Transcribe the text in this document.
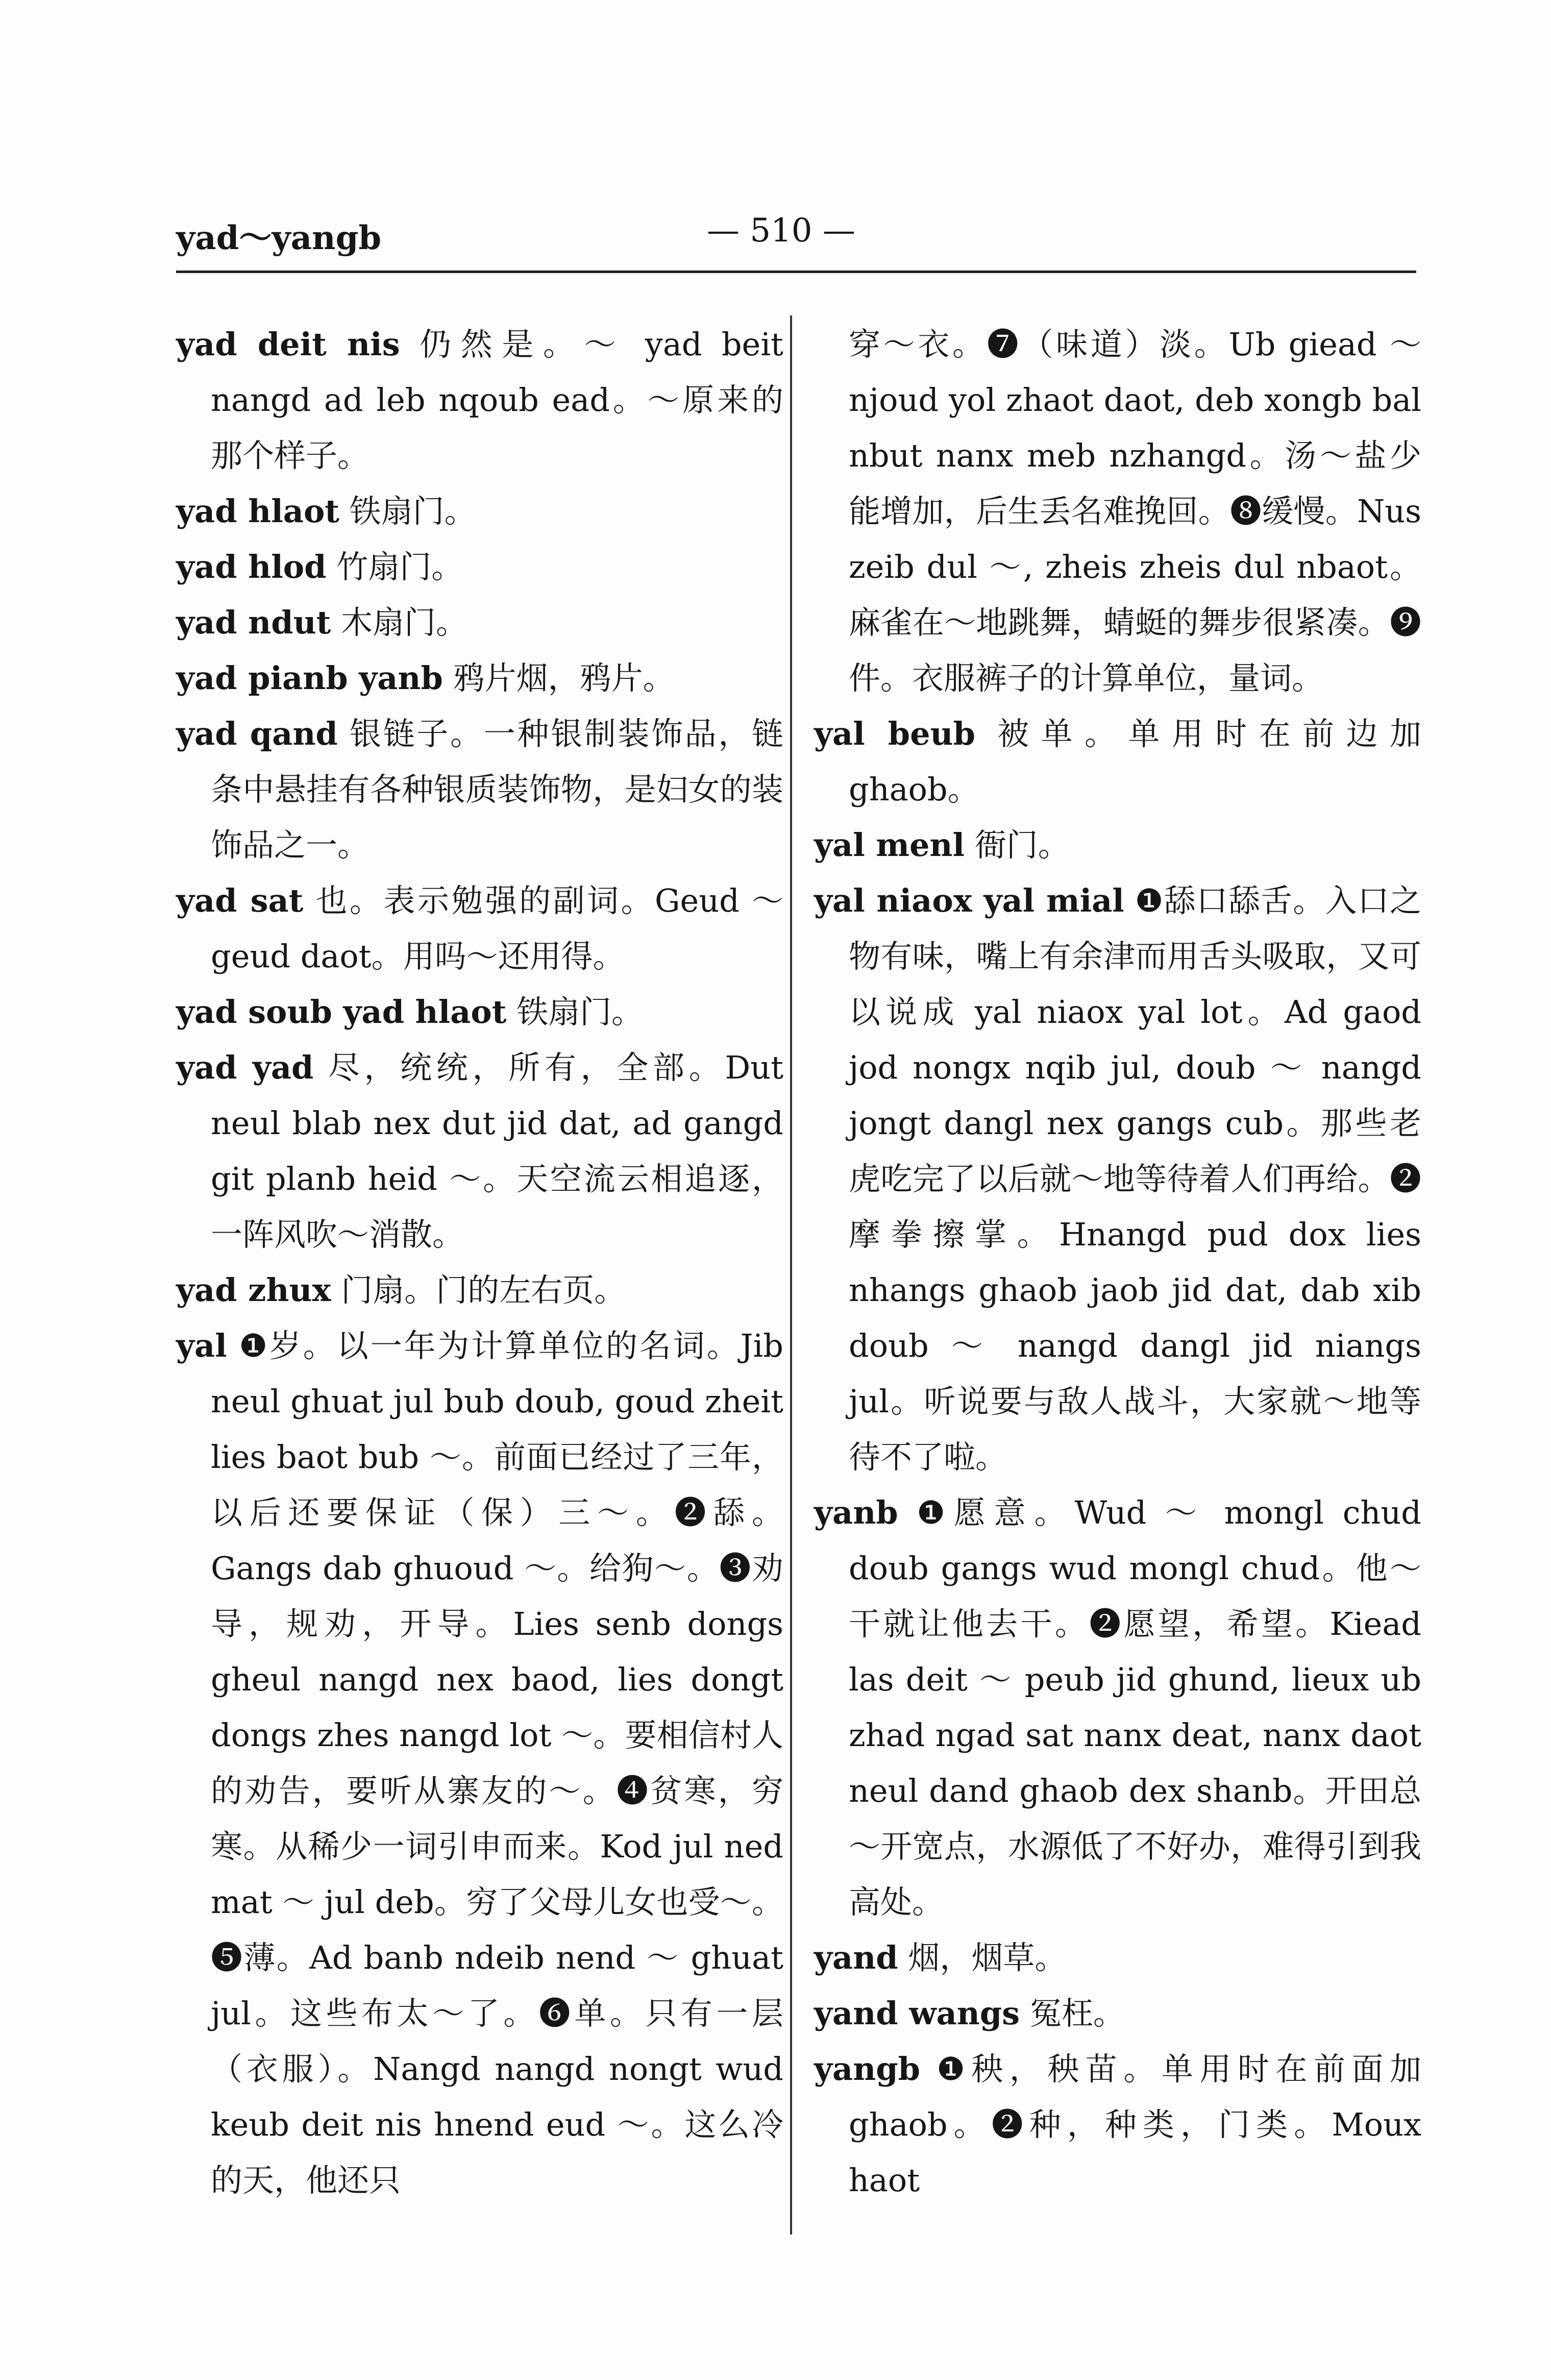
yad～yangb	— 510 —

yad deit nis 仍然是。～ yad beit nangd ad leb nqoub ead。～原来的那个样子。

yad hlaot 铁扇门。

yad hlod 竹扇门。

yad ndut 木扇门。

yad pianb yanb 鸦片烟，鸦片。

yad qand 银链子。一种银制装饰品，链条中悬挂有各种银质装饰物，是妇女的装饰品之一。

yad sat 也。表示勉强的副词。Geud ～ geud daot。用吗～还用得。

yad soub yad hlaot 铁扇门。

yad yad 尽，统统，所有，全部。Dut neul blab nex dut jid dat, ad gangd git planb heid ～。天空流云相追逐，一阵风吹～消散。

yad zhux 门扇。门的左右页。

yal ❶岁。以一年为计算单位的名词。Jib neul ghuat jul bub doub, goud zheit lies baot bub ～。前面已经过了三年，以后还要保证（保）三～。❷舔。Gangs dab ghuoud ～。给狗～。❸劝导，规劝，开导。Lies senb dongs gheul nangd nex baod, lies dongt dongs zhes nangd lot ～。要相信村人的劝告，要听从寨友的～。❹贫寒，穷寒。从稀少一词引申而来。Kod jul ned mat ～ jul deb。穷了父母儿女也受～。❺薄。Ad banb ndeib nend ～ ghuat jul。这些布太～了。❻单。只有一层（衣服）。Nangd nangd nongt wud keub deit nis hnend eud ～。这么冷的天，他还只

穿～衣。❼（味道）淡。Ub giead ～ njoud yol zhaot daot, deb xongb bal nbut nanx meb nzhangd。汤～盐少能增加，后生丢名难挽回。❽缓慢。Nus zeib dul ～, zheis zheis dul nbaot。麻雀在～地跳舞，蜻蜓的舞步很紧凑。❾件。衣服裤子的计算单位，量词。

yal beub 被单。单用时在前边加 ghaob。

yal menl 衙门。

yal niaox yal mial ❶舔口舔舌。入口之物有味，嘴上有余津而用舌头吸取，又可以说成 yal niaox yal lot。Ad gaod jod nongx nqib jul, doub ～ nangd jongt dangl nex gangs cub。那些老虎吃完了以后就～地等待着人们再给。❷摩拳擦掌。Hnangd pud dox lies nhangs ghaob jaob jid dat, dab xib doub ～ nangd dangl jid niangs jul。听说要与敌人战斗，大家就～地等待不了啦。

yanb ❶愿意。Wud ～ mongl chud doub gangs wud mongl chud。他～干就让他去干。❷愿望，希望。Kiead las deit ～ peub jid ghund, lieux ub zhad ngad sat nanx deat, nanx daot neul dand ghaob dex shanb。开田总～开宽点，水源低了不好办，难得引到我高处。

yand 烟，烟草。

yand wangs 冤枉。

yangb ❶秧，秧苗。单用时在前面加 ghaob。❷种，种类，门类。Moux haot
